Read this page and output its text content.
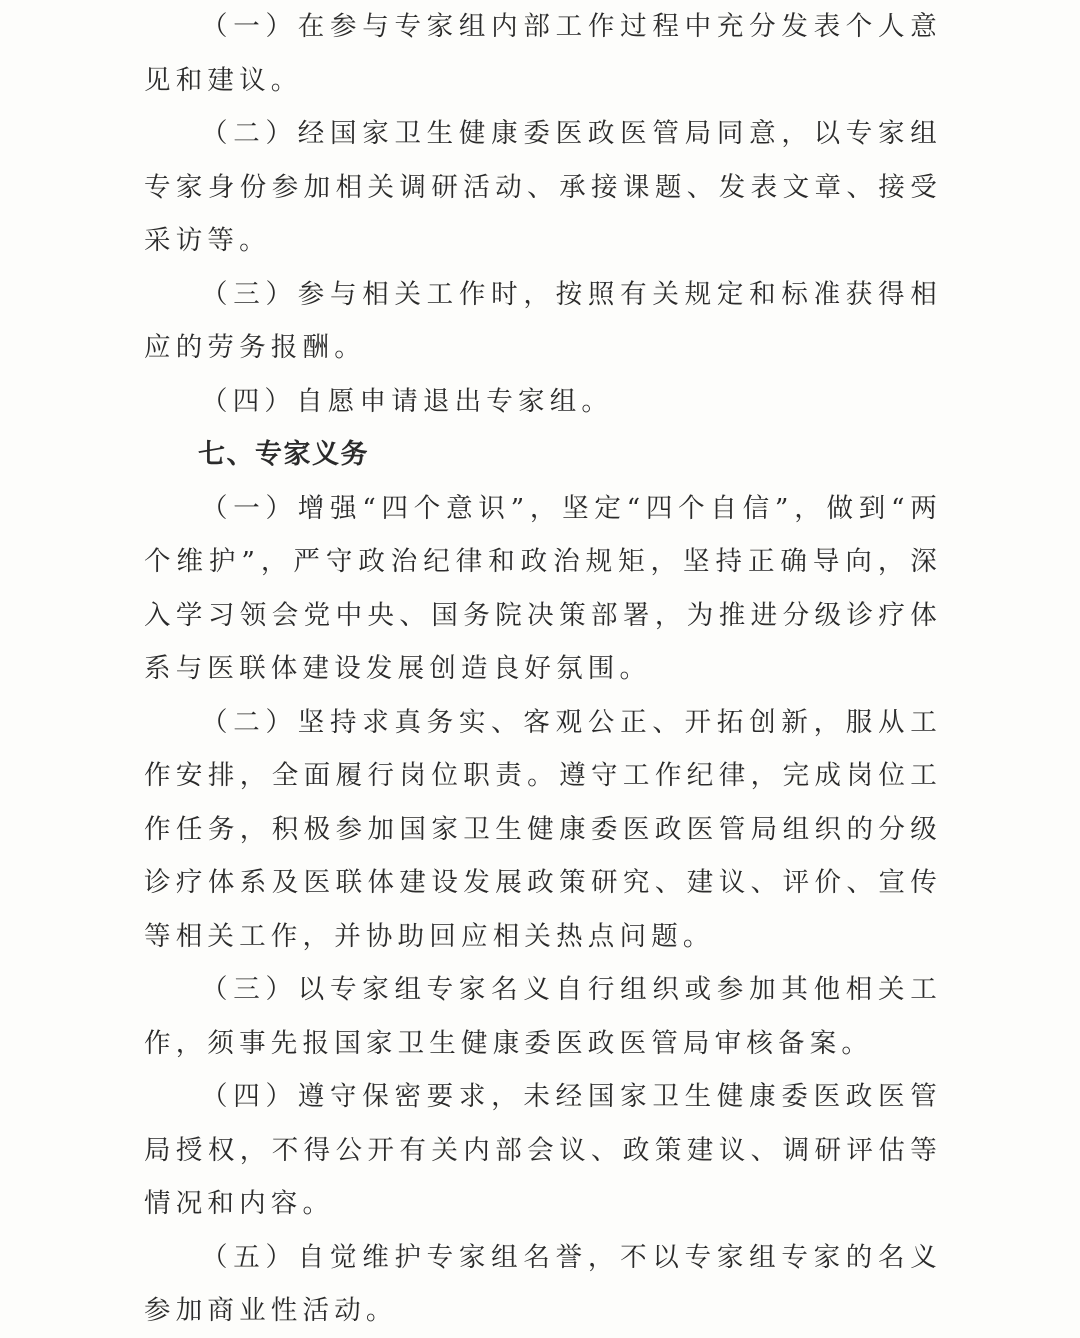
（一）在参与专家组内部工作过程中充分发表个人意见和建议。

（二）经国家卫生健康委医政医管局同意，以专家组专家身份参加相关调研活动、承接课题、发表文章、接受采访等。

（三）参与相关工作时，按照有关规定和标准获得相应的劳务报酬。

（四）自愿申请退出专家组。

七、专家义务

（一）增强“四个意识”，坚定“四个自信”，做到“两个维护”，严守政治纪律和政治规矩，坚持正确导向，深入学习领会党中央、国务院决策部署，为推进分级诊疗体系与医联体建设发展创造良好氛围。

（二）坚持求真务实、客观公正、开拓创新，服从工作安排，全面履行岗位职责。遵守工作纪律，完成岗位工作任务，积极参加国家卫生健康委医政医管局组织的分级诊疗体系及医联体建设发展政策研究、建议、评价、宣传等相关工作，并协助回应相关热点问题。

（三）以专家组专家名义自行组织或参加其他相关工作，须事先报国家卫生健康委医政医管局审核备案。

（四）遵守保密要求，未经国家卫生健康委医政医管局授权，不得公开有关内部会议、政策建议、调研评估等情况和内容。

（五）自觉维护专家组名誉，不以专家组专家的名义参加商业性活动。
